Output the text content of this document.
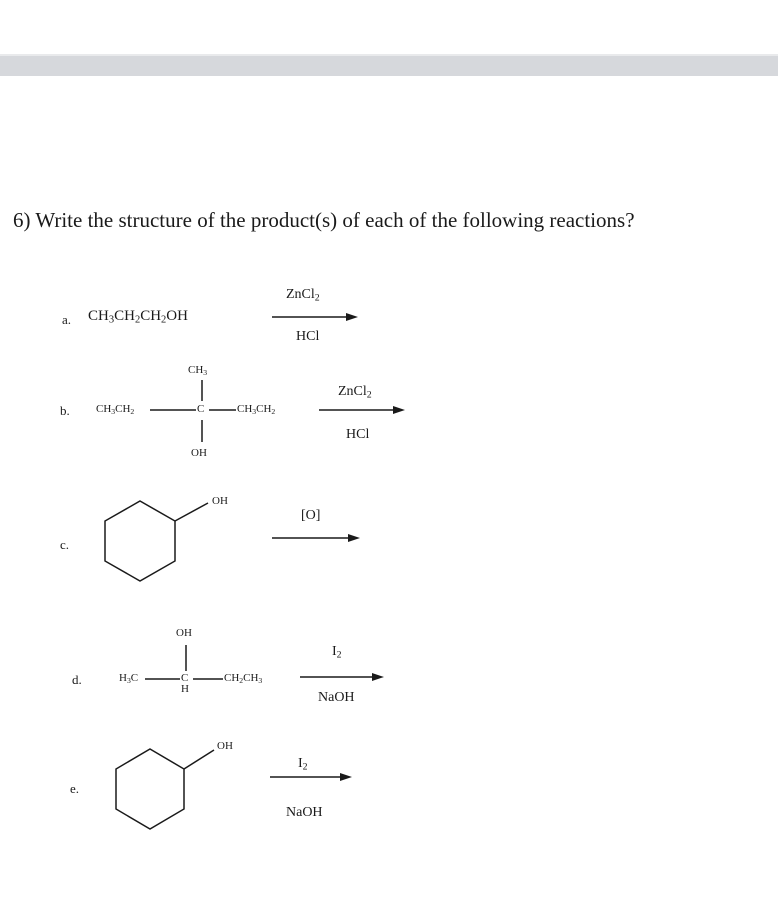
6) Write the structure of the product(s) of each of the following reactions?
a. $CH_3CH_2CH_2OH$
ZnCl$_2$
HCl
b.
$CH_3$
$CH_3CH_2$	C	$CH_3CH_2$
OH
ZnCl$_2$
HCl
c.
OH
[O]
d.
OH
$H_3C$	C
H
$CH_2CH_3$
$I_2$
NaOH
e.
OH
$I_2$
NaOH
